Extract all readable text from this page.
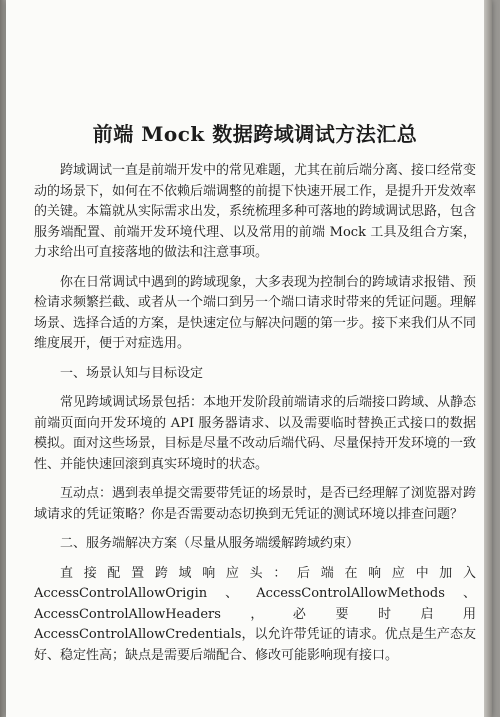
前端 Mock 数据跨域调试方法汇总

跨域调试一直是前端开发中的常见难题，尤其在前后端分离、接口经常变动的场景下，如何在不依赖后端调整的前提下快速开展工作，是提升开发效率的关键。本篇就从实际需求出发，系统梳理多种可落地的跨域调试思路，包含服务端配置、前端开发环境代理、以及常用的前端 Mock 工具及组合方案，力求给出可直接落地的做法和注意事项。

你在日常调试中遇到的跨域现象，大多表现为控制台的跨域请求报错、预检请求频繁拦截、或者从一个端口到另一个端口请求时带来的凭证问题。理解场景、选择合适的方案，是快速定位与解决问题的第一步。接下来我们从不同维度展开，便于对症选用。

一、场景认知与目标设定

常见跨域调试场景包括：本地开发阶段前端请求的后端接口跨域、从静态前端页面向开发环境的 API 服务器请求、以及需要临时替换正式接口的数据模拟。面对这些场景，目标是尽量不改动后端代码、尽量保持开发环境的一致性、并能快速回滚到真实环境时的状态。

互动点：遇到表单提交需要带凭证的场景时，是否已经理解了浏览器对跨域请求的凭证策略？你是否需要动态切换到无凭证的测试环境以排查问题？

二、服务端解决方案（尽量从服务端缓解跨域约束）

直接配置跨域响应头：后端在响应中加入 AccessControlAllowOrigin、AccessControlAllowMethods、AccessControlAllowHeaders，必要时启用 AccessControlAllowCredentials，以允许带凭证的请求。优点是生产态友好、稳定性高；缺点是需要后端配合、修改可能影响现有接口。
